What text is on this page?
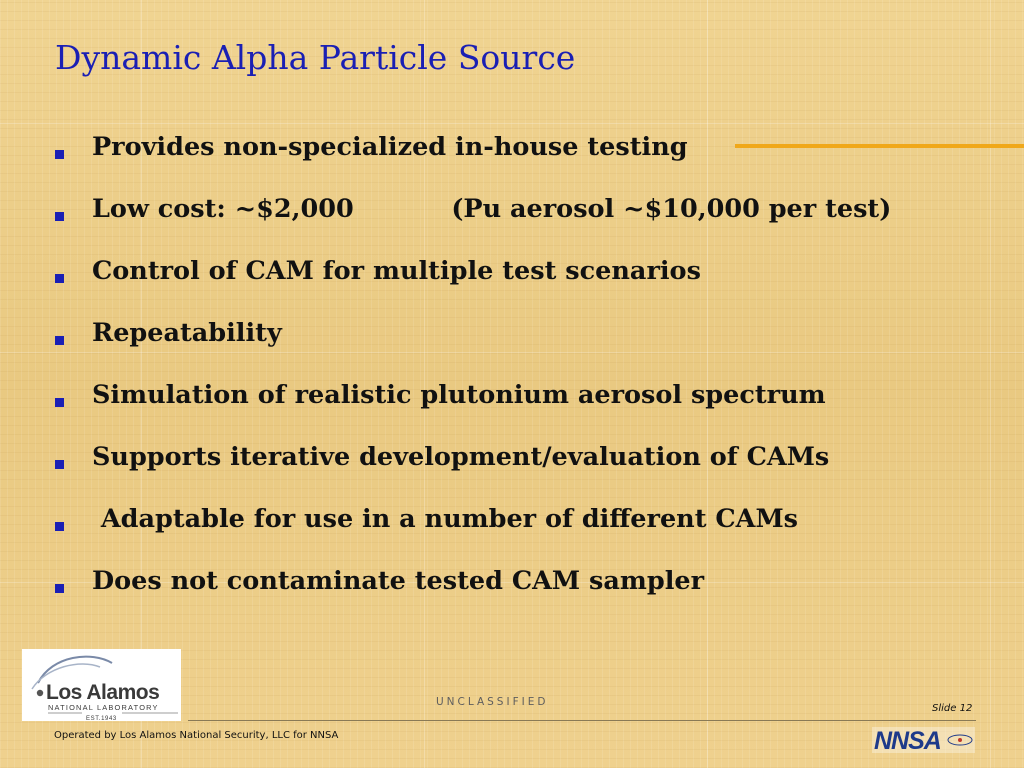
Dynamic Alpha Particle Source
Provides non-specialized in-house testing
Low cost: ~$2,000           (Pu aerosol ~$10,000 per test)
Control of CAM for multiple test scenarios
Repeatability
Simulation of realistic plutonium aerosol spectrum
Supports iterative development/evaluation of CAMs
Adaptable for use in a number of different CAMs
Does not contaminate tested CAM sampler
Los Alamos
NATIONAL LABORATORY
EST.1943
UNCLASSIFIED
Slide 12
Operated by Los Alamos National Security, LLC for NNSA	NNSA
